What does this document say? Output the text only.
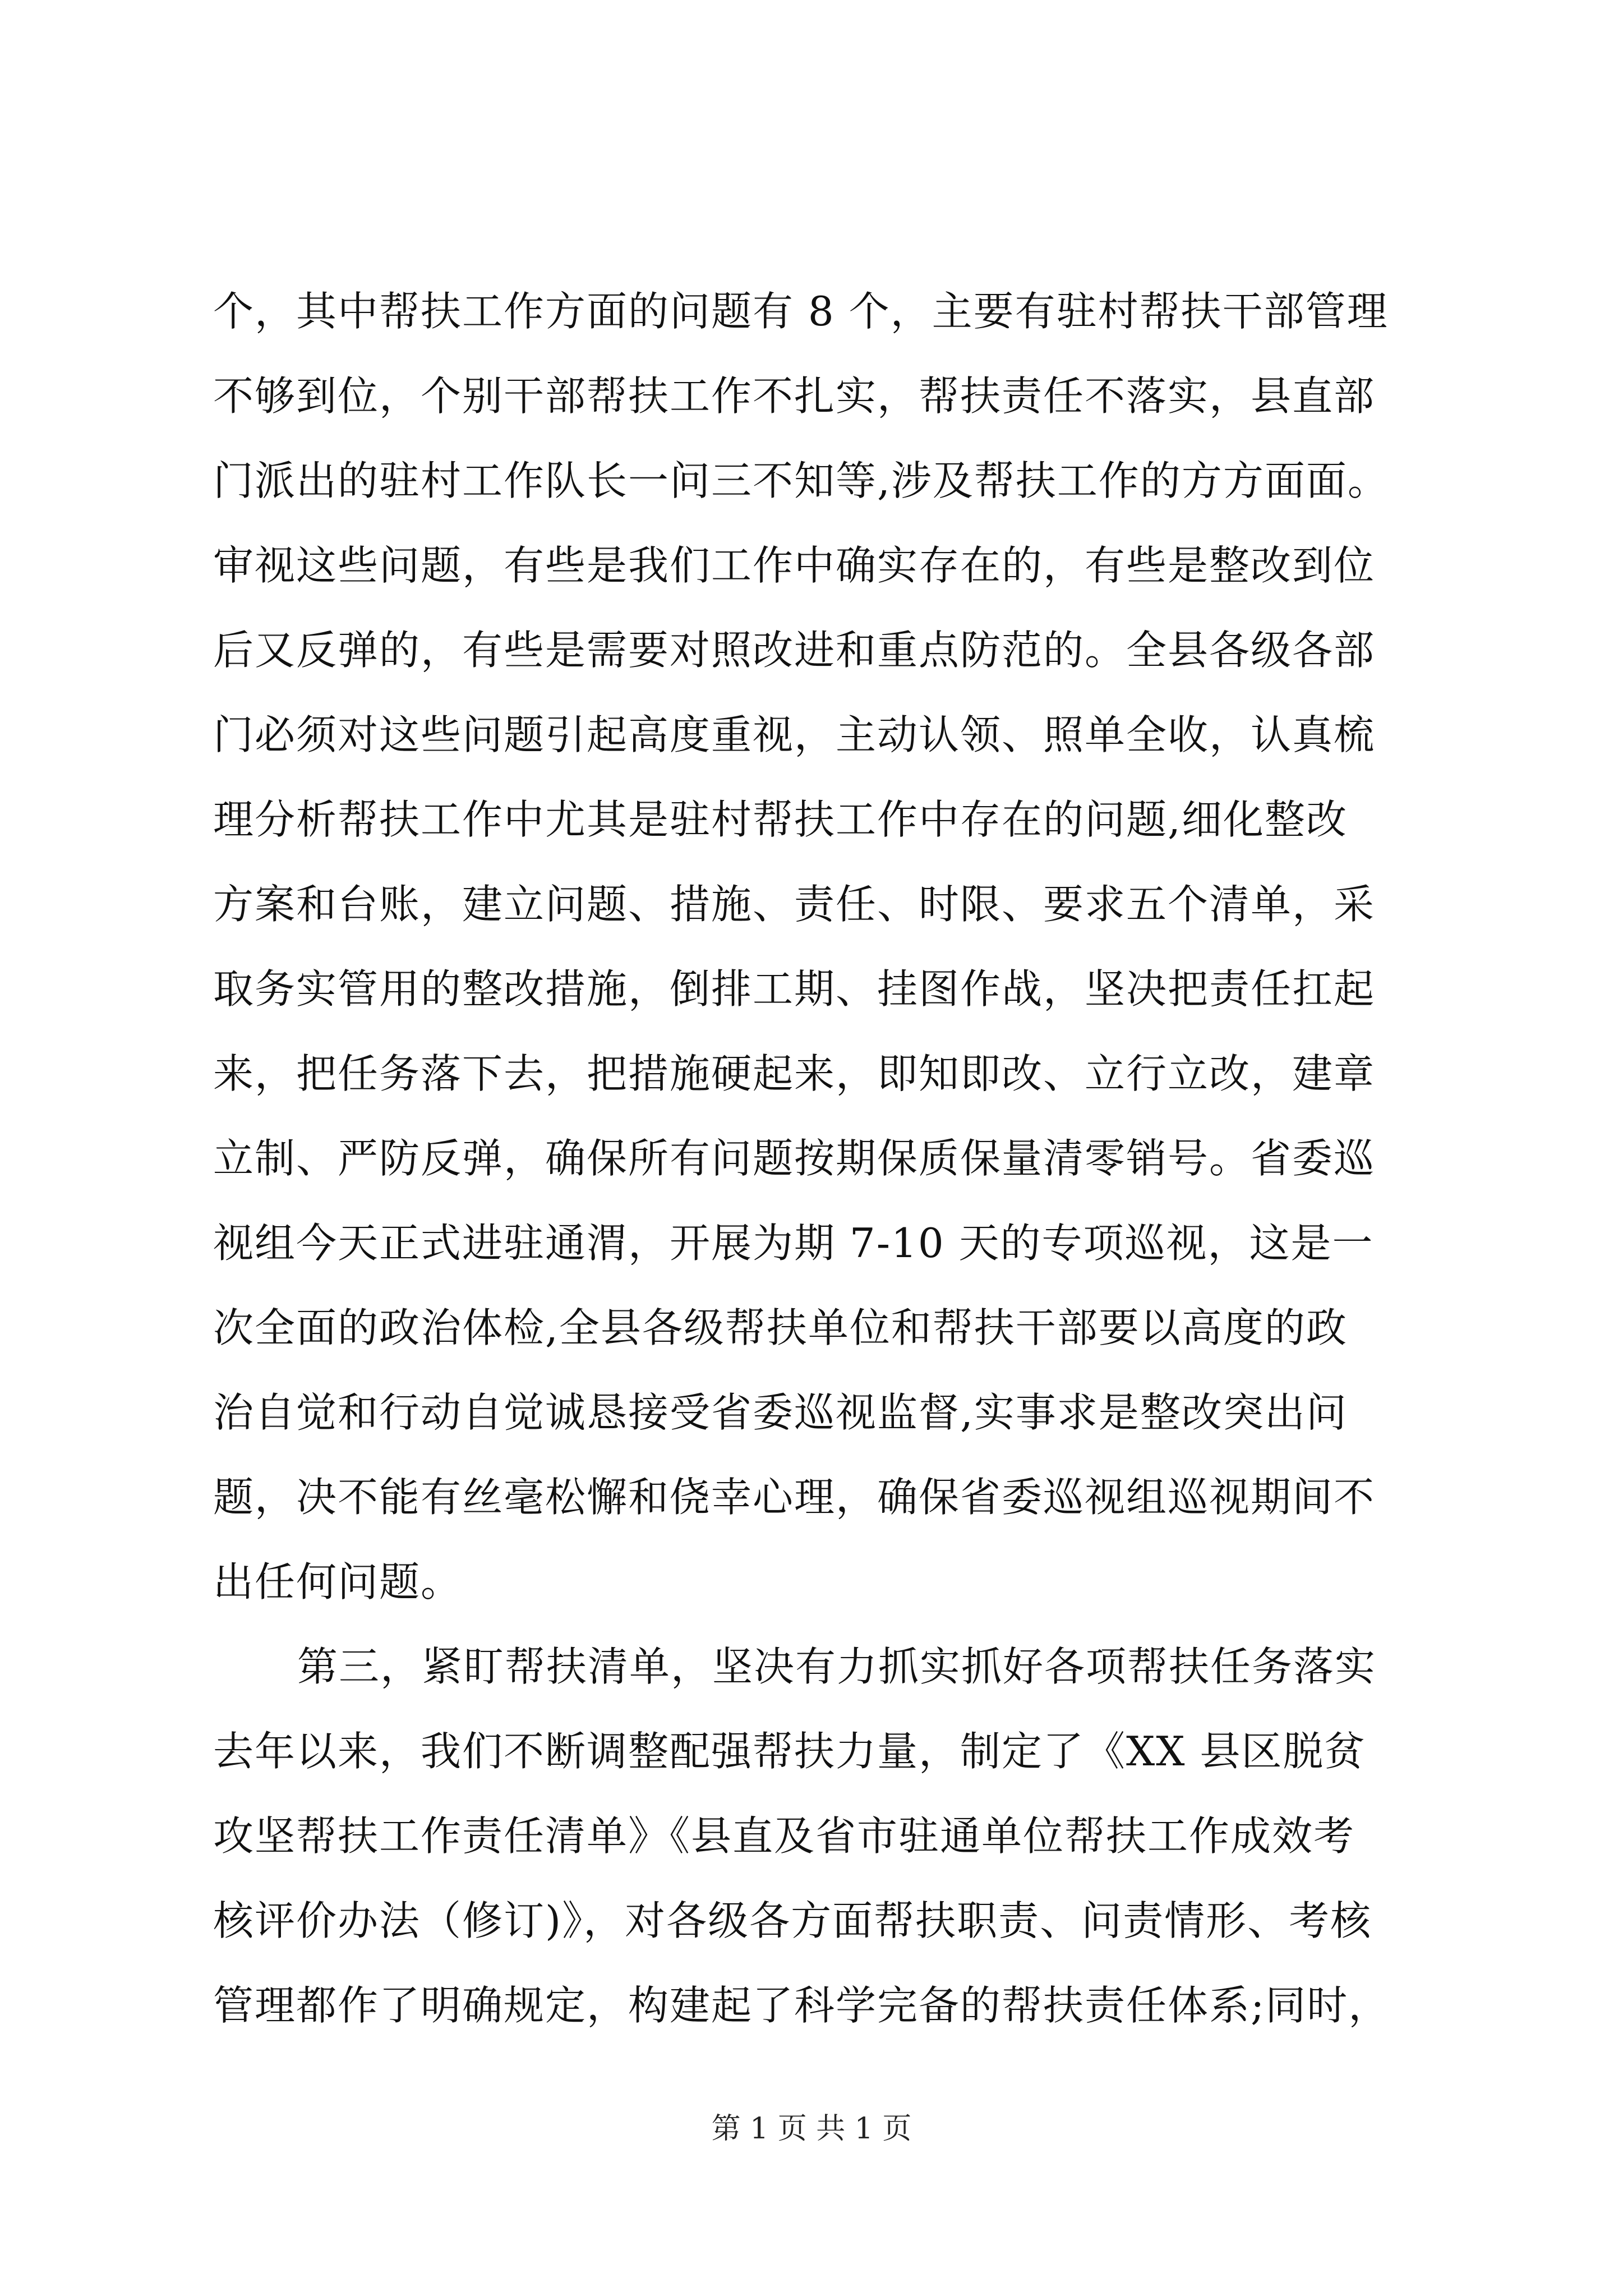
个，其中帮扶工作方面的问题有 8 个，主要有驻村帮扶干部管理
不够到位，个别干部帮扶工作不扎实，帮扶责任不落实，县直部
门派出的驻村工作队长一问三不知等,涉及帮扶工作的方方面面。
审视这些问题，有些是我们工作中确实存在的，有些是整改到位
后又反弹的，有些是需要对照改进和重点防范的。全县各级各部
门必须对这些问题引起高度重视，主动认领、照单全收，认真梳
理分析帮扶工作中尤其是驻村帮扶工作中存在的问题,细化整改
方案和台账，建立问题、措施、责任、时限、要求五个清单，采
取务实管用的整改措施，倒排工期、挂图作战，坚决把责任扛起
来，把任务落下去，把措施硬起来，即知即改、立行立改，建章
立制、严防反弹，确保所有问题按期保质保量清零销号。省委巡
视组今天正式进驻通渭，开展为期 7-10 天的专项巡视，这是一
次全面的政治体检,全县各级帮扶单位和帮扶干部要以高度的政
治自觉和行动自觉诚恳接受省委巡视监督,实事求是整改突出问
题，决不能有丝毫松懈和侥幸心理，确保省委巡视组巡视期间不
出任何问题。
第三，紧盯帮扶清单，坚决有力抓实抓好各项帮扶任务落实
去年以来，我们不断调整配强帮扶力量，制定了《XX 县区脱贫
攻坚帮扶工作责任清单》《县直及省市驻通单位帮扶工作成效考
核评价办法（修订)》，对各级各方面帮扶职责、问责情形、考核
管理都作了明确规定，构建起了科学完备的帮扶责任体系;同时，
第 1 页 共 1 页
